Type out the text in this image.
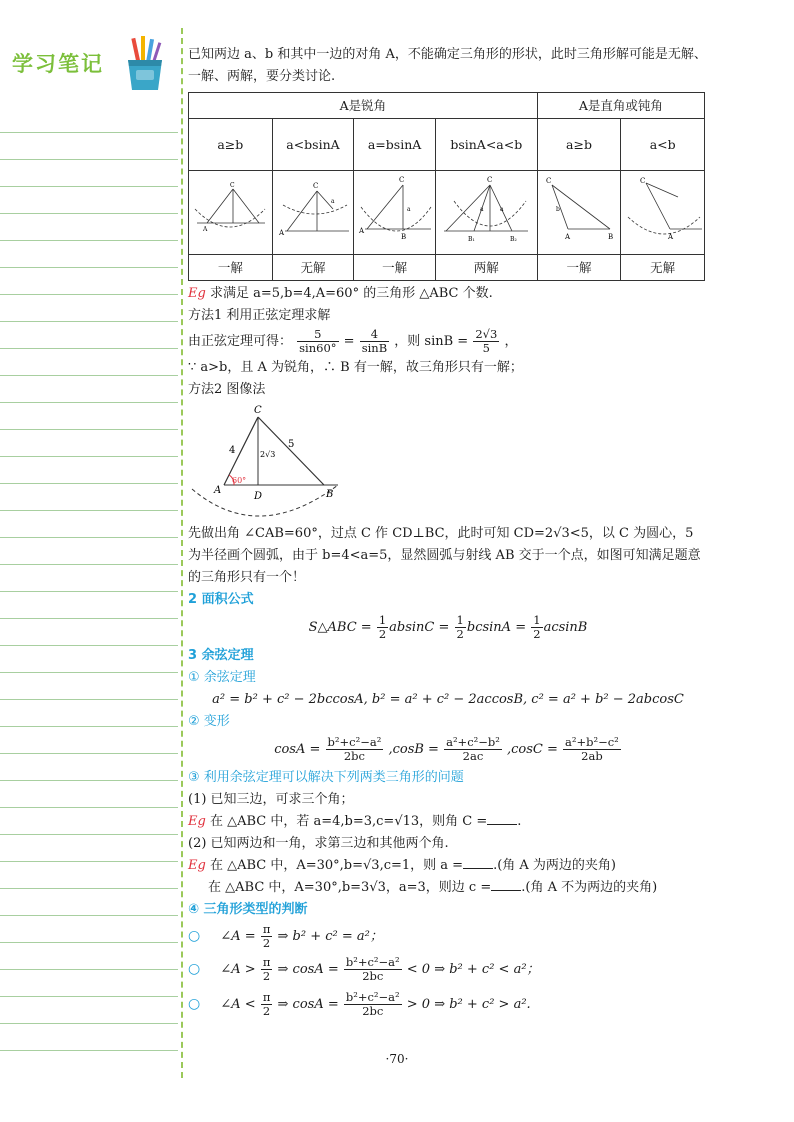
学习笔记	已知两边 a、b 和其中一边的对角 A，不能确定三角形的形状，此时三角形解可能是无解、一解、两解，要分类讨论.

A是锐角				A是直角或钝角	
a≥b	a<bsinA	a=bsinA	bsinA<a<b	a≥b	a<b

C
A	C
A
a	C
A
B
a	C
B₁ B₂
a a	C
A B
b	C
A

一解	无解	一解	两解	一解	无解

Eg 求满足 a=5,b=4,A=60° 的三角形 △ABC 个数.

方法1 利用正弦定理求解

由正弦定理可得： $\frac{5}{\sin 60^\circ} = \frac{4}{\sin B}$ ，则 $\sin B = \frac{2√3}{5}$ ，

∵ a>b，且 A 为锐角，∴ B 有一解，故三角形只有一解；

方法2 图像法

C
A	B
D
4
5
2√3
60°

先做出角 ∠CAB=60°，过点 C 作 CD⊥BC，此时可知 CD=2√3<5，以 C 为圆心，5 为半径画个圆弧，由于 b=4<a=5，显然圆弧与射线 AB 交于一个点，如图可知满足题意的三角形只有一个！

2 面积公式

S△ABC = $\frac{1}{2}$ $absinC = \frac{1}{2}$ $bcsinA = \frac{1}{2}$ acsinB

3 余弦定理

① 余弦定理

a² = b² + c² − 2bccosA, b² = a² + c² − 2accosB, c² = a² + b² − 2abcosC

② 变形

$\cos A = \frac{\text{b²+c²−a²}}{2bc} ,\cos B = \frac{\text{a²+c²−b²}}{2ac} ,\cos C = \frac{\text{a²+b²−c²}}{2ab}$

③ 利用余弦定理可以解决下列两类三角形的问题

(1) 已知三边，可求三个角；

Eg 在 △ABC 中，若 a=4,b=3,c=√13，则角 C = .

(2) 已知两边和一角，求第三边和其他两个角.

Eg 在 △ABC 中，A=30°,b=√3,c=1，则 a = .(角 A 为两边的夹角)

在 △ABC 中，A=30°,b=3√3，a=3，则边 c = .(角 A 不为两边的夹角)

④ 三角形类型的判断

○ ∠A = $\frac{\pi}{2}$ ⇒ b² + c² = a²；

○ ∠A > $\frac{\pi}{2}$ ⇒ $\cos A = \frac{\text{b²+c²−a²}}{2bc} < 0$ ⇒ b² + c² < a²；

○ ∠A < $\frac{\pi}{2}$ ⇒ $\cos A = \frac{\text{b²+c²−a²}}{2bc} > 0$ ⇒ b² + c² > a².

·70·
